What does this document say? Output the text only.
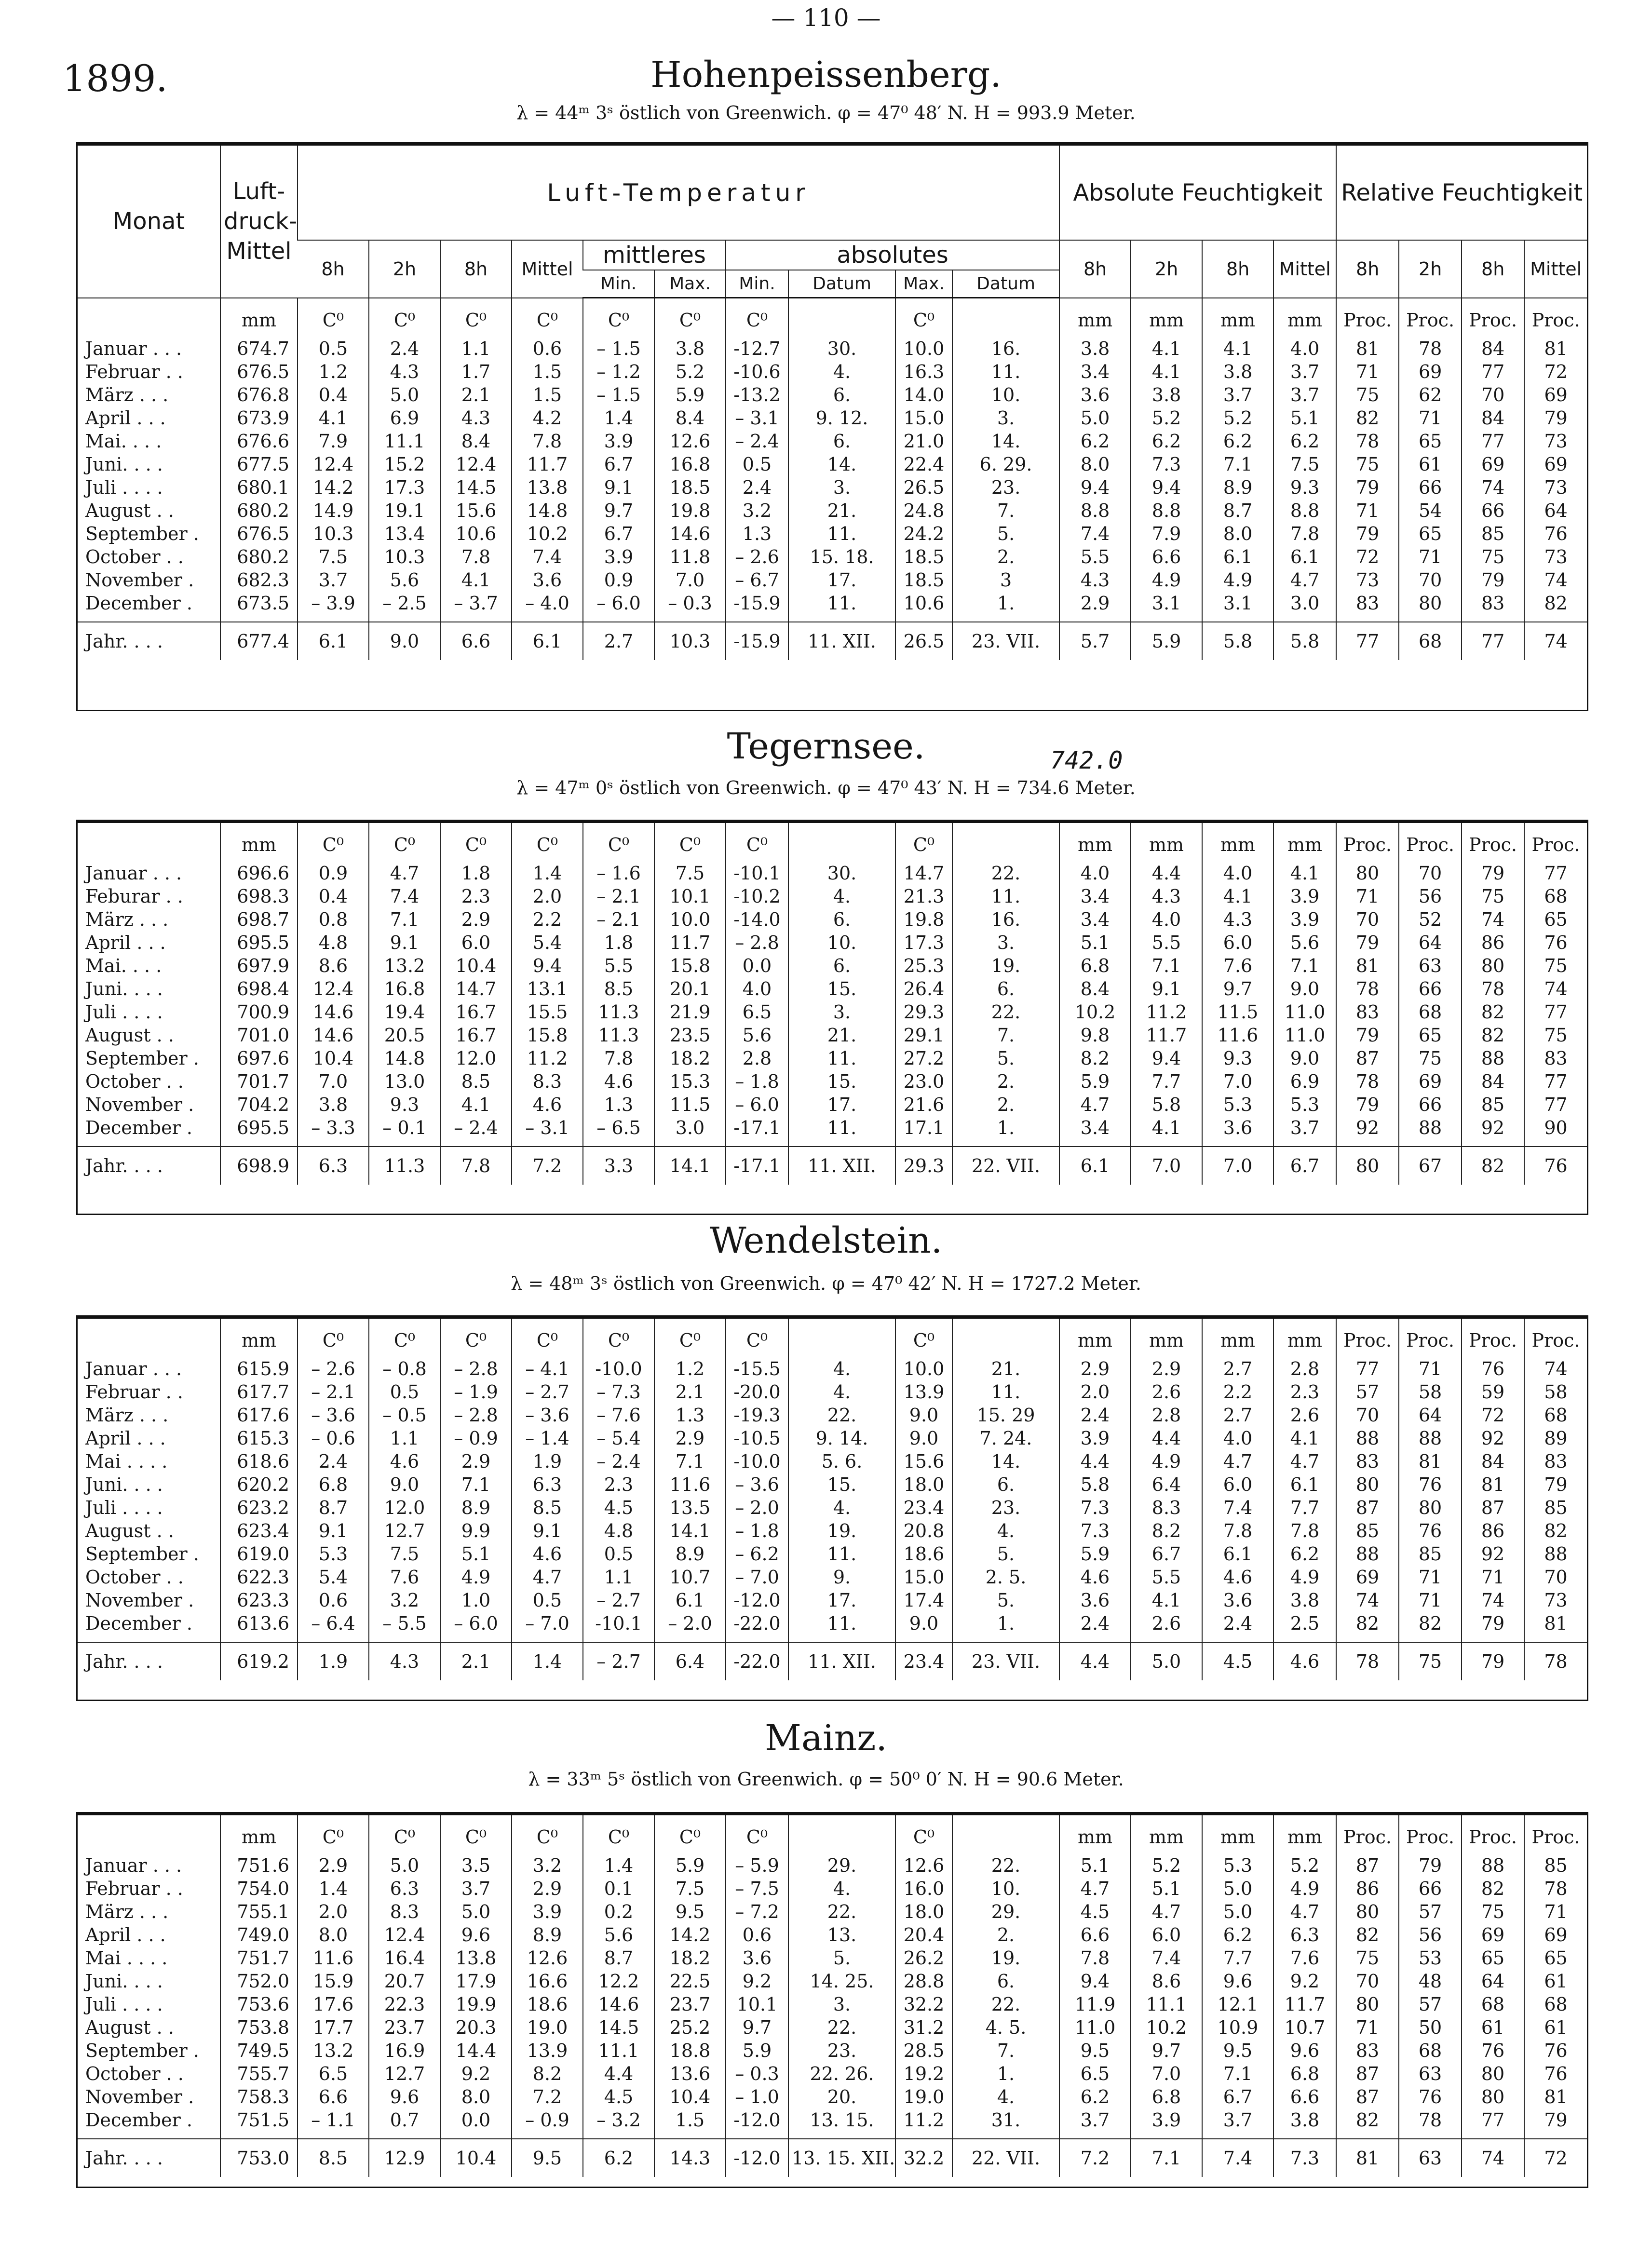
— 110 —
1899.	Hohenpeissenberg.
λ = 44ᵐ 3ˢ östlich von Greenwich. φ = 47⁰ 48′ N. H = 993.9 Meter.
Monat	Luft-druck-Mittel	Luft-Temperatur										Absolute Feuchtigkeit				Relative Feuchtigkeit			
		8h	2h	8h	Mittel	mittleres		absolutes				8h	2h	8h	Mittel	8h	2h	8h	Mittel
						Min.	Max.	Min.	Datum	Max.	Datum								
	mm	C⁰	C⁰	C⁰	C⁰	C⁰	C⁰	C⁰		C⁰		mm	mm	mm	mm	Proc.	Proc.	Proc.	Proc.
Januar . . .	674.7	0.5	2.4	1.1	0.6	– 1.5	3.8	-12.7	30.	10.0	16.	3.8	4.1	4.1	4.0	81	78	84	81
Februar . .	676.5	1.2	4.3	1.7	1.5	– 1.2	5.2	-10.6	4.	16.3	11.	3.4	4.1	3.8	3.7	71	69	77	72
März . . .	676.8	0.4	5.0	2.1	1.5	– 1.5	5.9	-13.2	6.	14.0	10.	3.6	3.8	3.7	3.7	75	62	70	69
April . . .	673.9	4.1	6.9	4.3	4.2	1.4	8.4	– 3.1	9. 12.	15.0	3.	5.0	5.2	5.2	5.1	82	71	84	79
Mai. . . .	676.6	7.9	11.1	8.4	7.8	3.9	12.6	– 2.4	6.	21.0	14.	6.2	6.2	6.2	6.2	78	65	77	73
Juni. . . .	677.5	12.4	15.2	12.4	11.7	6.7	16.8	0.5	14.	22.4	6. 29.	8.0	7.3	7.1	7.5	75	61	69	69
Juli . . . .	680.1	14.2	17.3	14.5	13.8	9.1	18.5	2.4	3.	26.5	23.	9.4	9.4	8.9	9.3	79	66	74	73
August . .	680.2	14.9	19.1	15.6	14.8	9.7	19.8	3.2	21.	24.8	7.	8.8	8.8	8.7	8.8	71	54	66	64
September .	676.5	10.3	13.4	10.6	10.2	6.7	14.6	1.3	11.	24.2	5.	7.4	7.9	8.0	7.8	79	65	85	76
October . .	680.2	7.5	10.3	7.8	7.4	3.9	11.8	– 2.6	15. 18.	18.5	2.	5.5	6.6	6.1	6.1	72	71	75	73
November .	682.3	3.7	5.6	4.1	3.6	0.9	7.0	– 6.7	17.	18.5	3	4.3	4.9	4.9	4.7	73	70	79	74
December .	673.5	– 3.9	– 2.5	– 3.7	– 4.0	– 6.0	– 0.3	-15.9	11.	10.6	1.	2.9	3.1	3.1	3.0	83	80	83	82

Jahr. . . .	677.4	6.1	9.0	6.6	6.1	2.7	10.3	-15.9	11. XII.	26.5	23. VII.	5.7	5.9	5.8	5.8	77	68	77	74
Tegernsee.	742.0
λ = 47ᵐ 0ˢ östlich von Greenwich. φ = 47⁰ 43′ N. H = 734.6 Meter.
	mm	C⁰	C⁰	C⁰	C⁰	C⁰	C⁰	C⁰		C⁰		mm	mm	mm	mm	Proc.	Proc.	Proc.	Proc.
Januar . . .	696.6	0.9	4.7	1.8	1.4	– 1.6	7.5	-10.1	30.	14.7	22.	4.0	4.4	4.0	4.1	80	70	79	77
Feburar . .	698.3	0.4	7.4	2.3	2.0	– 2.1	10.1	-10.2	4.	21.3	11.	3.4	4.3	4.1	3.9	71	56	75	68
März . . .	698.7	0.8	7.1	2.9	2.2	– 2.1	10.0	-14.0	6.	19.8	16.	3.4	4.0	4.3	3.9	70	52	74	65
April . . .	695.5	4.8	9.1	6.0	5.4	1.8	11.7	– 2.8	10.	17.3	3.	5.1	5.5	6.0	5.6	79	64	86	76
Mai. . . .	697.9	8.6	13.2	10.4	9.4	5.5	15.8	0.0	6.	25.3	19.	6.8	7.1	7.6	7.1	81	63	80	75
Juni. . . .	698.4	12.4	16.8	14.7	13.1	8.5	20.1	4.0	15.	26.4	6.	8.4	9.1	9.7	9.0	78	66	78	74
Juli . . . .	700.9	14.6	19.4	16.7	15.5	11.3	21.9	6.5	3.	29.3	22.	10.2	11.2	11.5	11.0	83	68	82	77
August . .	701.0	14.6	20.5	16.7	15.8	11.3	23.5	5.6	21.	29.1	7.	9.8	11.7	11.6	11.0	79	65	82	75
September .	697.6	10.4	14.8	12.0	11.2	7.8	18.2	2.8	11.	27.2	5.	8.2	9.4	9.3	9.0	87	75	88	83
October . .	701.7	7.0	13.0	8.5	8.3	4.6	15.3	– 1.8	15.	23.0	2.	5.9	7.7	7.0	6.9	78	69	84	77
November .	704.2	3.8	9.3	4.1	4.6	1.3	11.5	– 6.0	17.	21.6	2.	4.7	5.8	5.3	5.3	79	66	85	77
December .	695.5	– 3.3	– 0.1	– 2.4	– 3.1	– 6.5	3.0	-17.1	11.	17.1	1.	3.4	4.1	3.6	3.7	92	88	92	90

Jahr. . . .	698.9	6.3	11.3	7.8	7.2	3.3	14.1	-17.1	11. XII.	29.3	22. VII.	6.1	7.0	7.0	6.7	80	67	82	76
Wendelstein.
λ = 48ᵐ 3ˢ östlich von Greenwich. φ = 47⁰ 42′ N. H = 1727.2 Meter.
	mm	C⁰	C⁰	C⁰	C⁰	C⁰	C⁰	C⁰		C⁰		mm	mm	mm	mm	Proc.	Proc.	Proc.	Proc.
Januar . . .	615.9	– 2.6	– 0.8	– 2.8	– 4.1	-10.0	1.2	-15.5	4.	10.0	21.	2.9	2.9	2.7	2.8	77	71	76	74
Februar . .	617.7	– 2.1	0.5	– 1.9	– 2.7	– 7.3	2.1	-20.0	4.	13.9	11.	2.0	2.6	2.2	2.3	57	58	59	58
März . . .	617.6	– 3.6	– 0.5	– 2.8	– 3.6	– 7.6	1.3	-19.3	22.	9.0	15. 29	2.4	2.8	2.7	2.6	70	64	72	68
April . . .	615.3	– 0.6	1.1	– 0.9	– 1.4	– 5.4	2.9	-10.5	9. 14.	9.0	7. 24.	3.9	4.4	4.0	4.1	88	88	92	89
Mai . . . .	618.6	2.4	4.6	2.9	1.9	– 2.4	7.1	-10.0	5. 6.	15.6	14.	4.4	4.9	4.7	4.7	83	81	84	83
Juni. . . .	620.2	6.8	9.0	7.1	6.3	2.3	11.6	– 3.6	15.	18.0	6.	5.8	6.4	6.0	6.1	80	76	81	79
Juli . . . .	623.2	8.7	12.0	8.9	8.5	4.5	13.5	– 2.0	4.	23.4	23.	7.3	8.3	7.4	7.7	87	80	87	85
August . .	623.4	9.1	12.7	9.9	9.1	4.8	14.1	– 1.8	19.	20.8	4.	7.3	8.2	7.8	7.8	85	76	86	82
September .	619.0	5.3	7.5	5.1	4.6	0.5	8.9	– 6.2	11.	18.6	5.	5.9	6.7	6.1	6.2	88	85	92	88
October . .	622.3	5.4	7.6	4.9	4.7	1.1	10.7	– 7.0	9.	15.0	2. 5.	4.6	5.5	4.6	4.9	69	71	71	70
November .	623.3	0.6	3.2	1.0	0.5	– 2.7	6.1	-12.0	17.	17.4	5.	3.6	4.1	3.6	3.8	74	71	74	73
December .	613.6	– 6.4	– 5.5	– 6.0	– 7.0	-10.1	– 2.0	-22.0	11.	9.0	1.	2.4	2.6	2.4	2.5	82	82	79	81

Jahr. . . .	619.2	1.9	4.3	2.1	1.4	– 2.7	6.4	-22.0	11. XII.	23.4	23. VII.	4.4	5.0	4.5	4.6	78	75	79	78
Mainz.
λ = 33ᵐ 5ˢ östlich von Greenwich. φ = 50⁰ 0′ N. H = 90.6 Meter.
	mm	C⁰	C⁰	C⁰	C⁰	C⁰	C⁰	C⁰		C⁰		mm	mm	mm	mm	Proc.	Proc.	Proc.	Proc.
Januar . . .	751.6	2.9	5.0	3.5	3.2	1.4	5.9	– 5.9	29.	12.6	22.	5.1	5.2	5.3	5.2	87	79	88	85
Februar . .	754.0	1.4	6.3	3.7	2.9	0.1	7.5	– 7.5	4.	16.0	10.	4.7	5.1	5.0	4.9	86	66	82	78
März . . .	755.1	2.0	8.3	5.0	3.9	0.2	9.5	– 7.2	22.	18.0	29.	4.5	4.7	5.0	4.7	80	57	75	71
April . . .	749.0	8.0	12.4	9.6	8.9	5.6	14.2	0.6	13.	20.4	2.	6.6	6.0	6.2	6.3	82	56	69	69
Mai . . . .	751.7	11.6	16.4	13.8	12.6	8.7	18.2	3.6	5.	26.2	19.	7.8	7.4	7.7	7.6	75	53	65	65
Juni. . . .	752.0	15.9	20.7	17.9	16.6	12.2	22.5	9.2	14. 25.	28.8	6.	9.4	8.6	9.6	9.2	70	48	64	61
Juli . . . .	753.6	17.6	22.3	19.9	18.6	14.6	23.7	10.1	3.	32.2	22.	11.9	11.1	12.1	11.7	80	57	68	68
August . .	753.8	17.7	23.7	20.3	19.0	14.5	25.2	9.7	22.	31.2	4. 5.	11.0	10.2	10.9	10.7	71	50	61	61
September .	749.5	13.2	16.9	14.4	13.9	11.1	18.8	5.9	23.	28.5	7.	9.5	9.7	9.5	9.6	83	68	76	76
October . .	755.7	6.5	12.7	9.2	8.2	4.4	13.6	– 0.3	22. 26.	19.2	1.	6.5	7.0	7.1	6.8	87	63	80	76
November .	758.3	6.6	9.6	8.0	7.2	4.5	10.4	– 1.0	20.	19.0	4.	6.2	6.8	6.7	6.6	87	76	80	81
December .	751.5	– 1.1	0.7	0.0	– 0.9	– 3.2	1.5	-12.0	13. 15.	11.2	31.	3.7	3.9	3.7	3.8	82	78	77	79

Jahr. . . .	753.0	8.5	12.9	10.4	9.5	6.2	14.3	-12.0	13. 15. XII.	32.2	22. VII.	7.2	7.1	7.4	7.3	81	63	74	72
